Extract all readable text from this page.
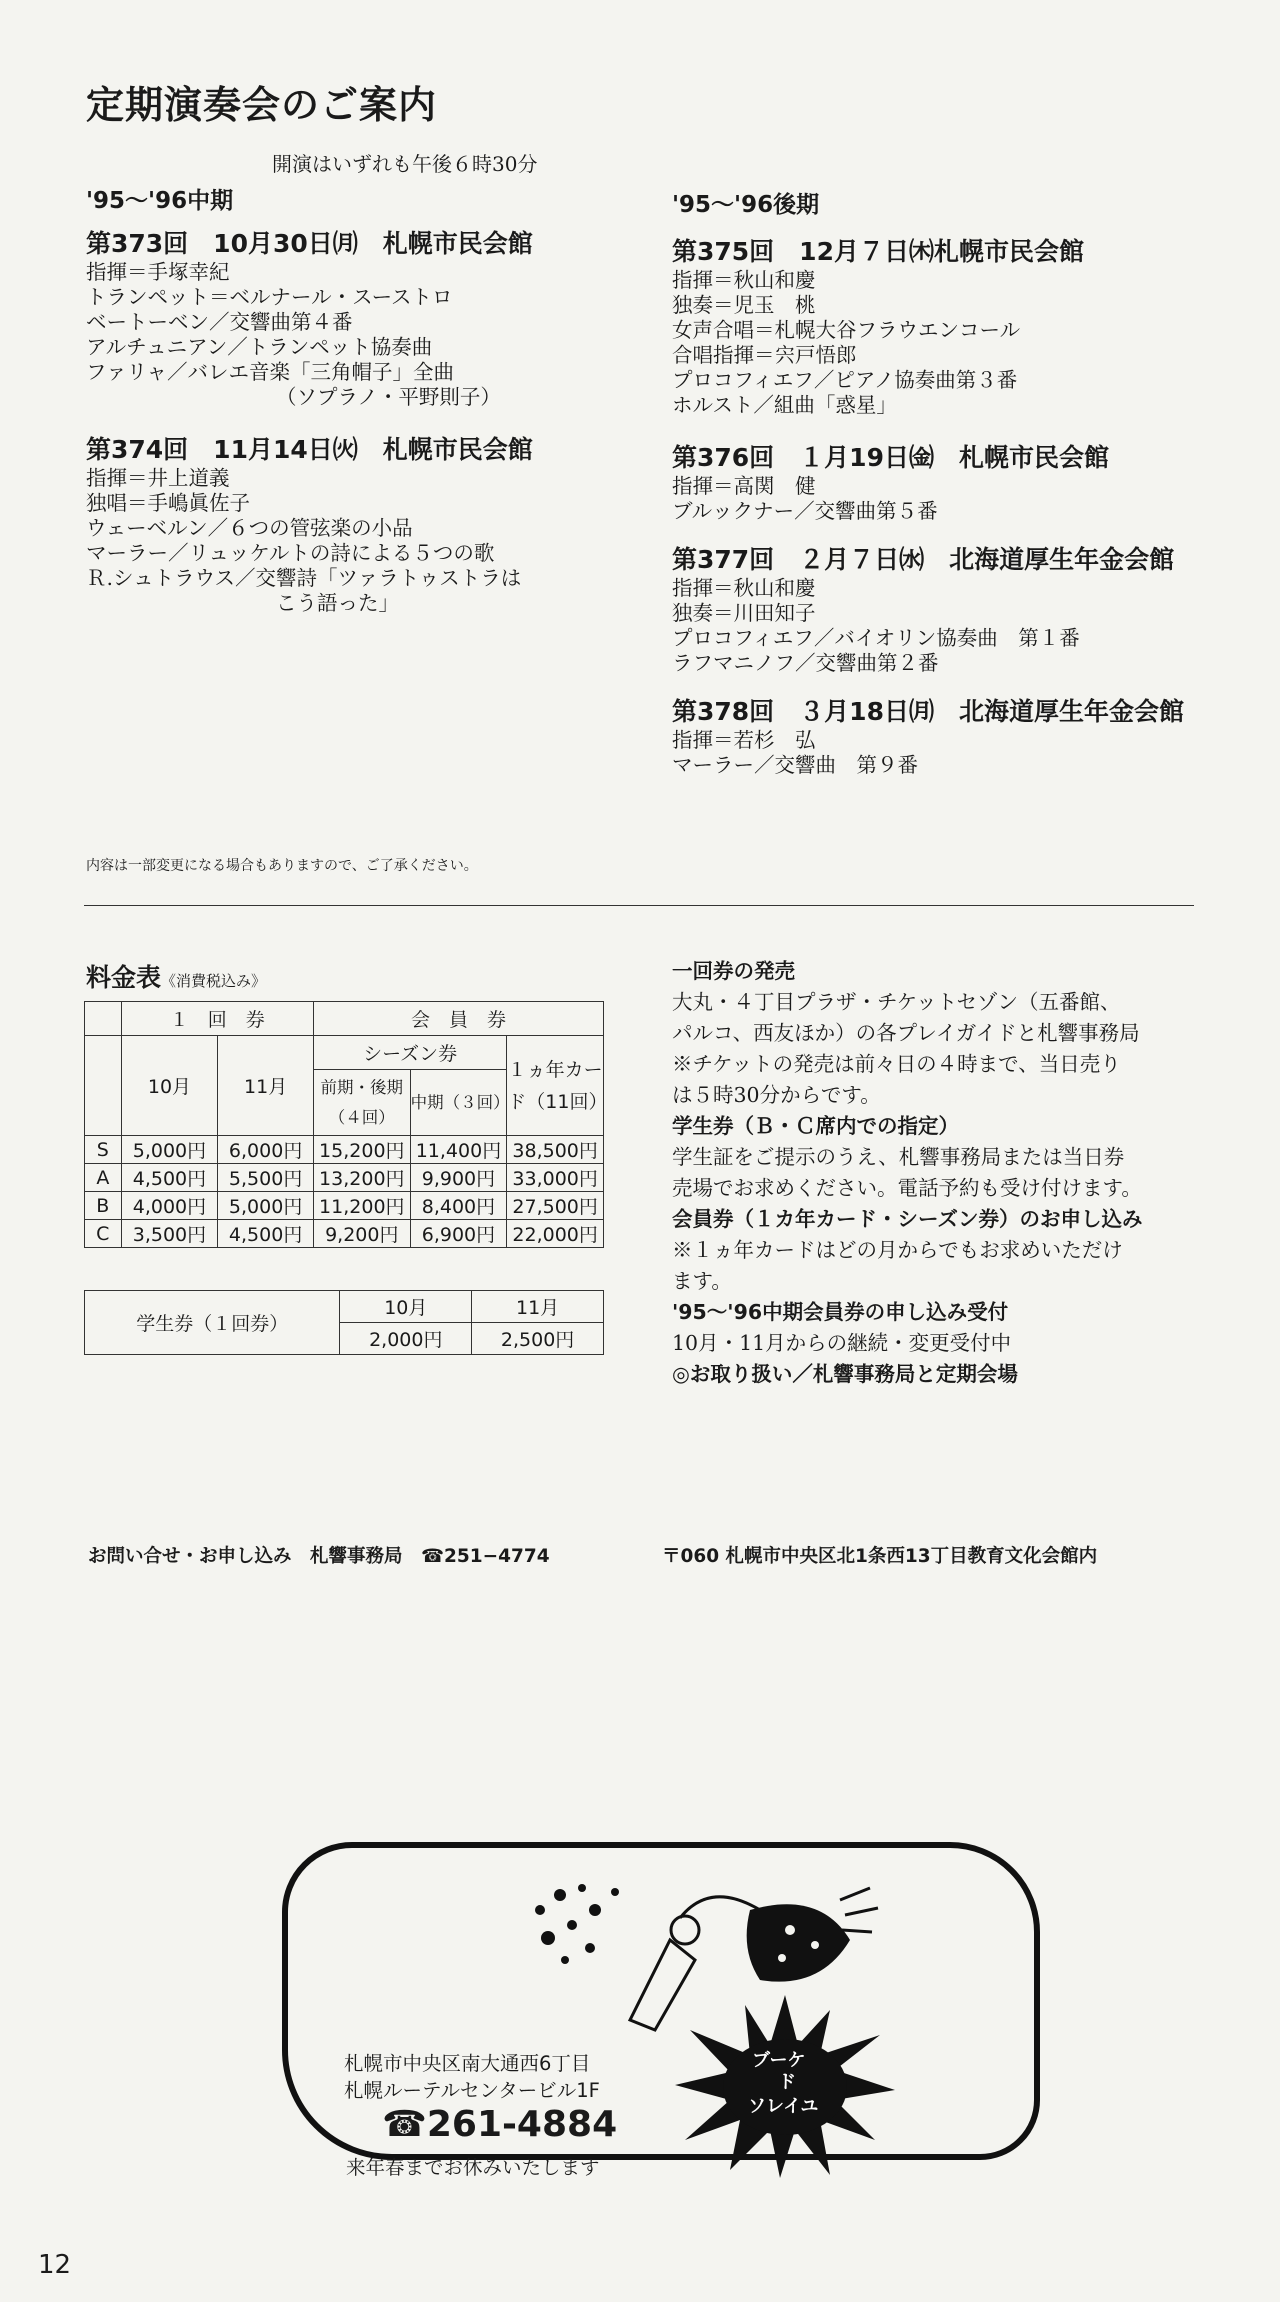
定期演奏会のご案内
開演はいずれも午後６時30分
'95～'96中期
第373回　10月30日㈪　札幌市民会館
指揮＝手塚幸紀
トランペット＝ベルナール・スーストロ
ベートーベン／交響曲第４番
アルチュニアン／トランペット協奏曲
ファリャ／バレエ音楽「三角帽子」全曲
（ソプラノ・平野則子）
第374回　11月14日㈫　札幌市民会館
指揮＝井上道義
独唱＝手嶋眞佐子
ウェーベルン／６つの管弦楽の小品
マーラー／リュッケルトの詩による５つの歌
Ｒ.シュトラウス／交響詩「ツァラトゥストラは
こう語った」
'95～'96後期
第375回　12月７日㈭札幌市民会館
指揮＝秋山和慶
独奏＝児玉　桃
女声合唱＝札幌大谷フラウエンコール
合唱指揮＝宍戸悟郎
プロコフィエフ／ピアノ協奏曲第３番
ホルスト／組曲「惑星」
第376回　１月19日㈮　札幌市民会館
指揮＝高関　健
ブルックナー／交響曲第５番
第377回　２月７日㈬　北海道厚生年金会館
指揮＝秋山和慶
独奏＝川田知子
プロコフィエフ／バイオリン協奏曲　第１番
ラフマニノフ／交響曲第２番
第378回　３月18日㈪　北海道厚生年金会館
指揮＝若杉　弘
マーラー／交響曲　第９番
内容は一部変更になる場合もありますので、ご了承ください。
料金表《消費税込み》
	１　回　券		会　員　券		
	10月	11月	シーズン券		１ヵ年カード（11回）
			前期・後期（４回）	中期（３回）	
S	5,000円	6,000円	15,200円	11,400円	38,500円
A	4,500円	5,500円	13,200円	9,900円	33,000円
B	4,000円	5,000円	11,200円	8,400円	27,500円
C	3,500円	4,500円	9,200円	6,900円	22,000円
学生券（１回券）	10月	11月
	2,000円	2,500円
一回券の発売
大丸・４丁目プラザ・チケットセゾン（五番館、
パルコ、西友ほか）の各プレイガイドと札響事務局
※チケットの発売は前々日の４時まで、当日売り
は５時30分からです。
学生券（Ｂ・Ｃ席内での指定）
学生証をご提示のうえ、札響事務局または当日券
売場でお求めください。電話予約も受け付けます。
会員券（１カ年カード・シーズン券）のお申し込み
※１ヵ年カードはどの月からでもお求めいただけ
ます。
'95～'96中期会員券の申し込み受付
10月・11月からの継続・変更受付中
◎お取り扱い／札響事務局と定期会場
お問い合せ・お申し込み　札響事務局　☎251−4774	〒060 札幌市中央区北1条西13丁目教育文化会館内
ブーケ
ド
ソレイユ
札幌市中央区南大通西6丁目
札幌ルーテルセンタービル1F
☎261-4884
来年春までお休みいたします
12
